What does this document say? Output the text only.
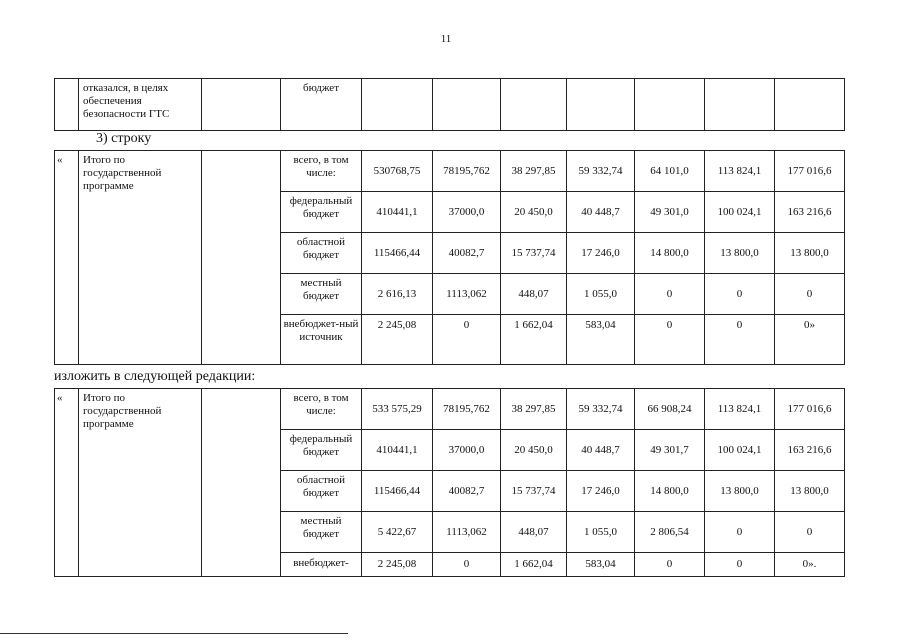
11
	отказался, в целях обеспечения безопасности ГТС		бюджет							
3) строку
«	Итого по государственной программе		всего, в том числе:	530768,75	78195,762	38 297,85	59 332,74	64 101,0	113 824,1	177 016,6
			федеральный бюджет	410441,1	37000,0	20 450,0	40 448,7	49 301,0	100 024,1	163 216,6
			областной бюджет	115466,44	40082,7	15 737,74	17 246,0	14 800,0	13 800,0	13 800,0
			местный бюджет	2 616,13	1113,062	448,07	1 055,0	0	0	0
			внебюджет-ный источник	2 245,08	0	1 662,04	583,04	0	0	0»
изложить в следующей редакции:
«	Итого по государственной программе		всего, в том числе:	533 575,29	78195,762	38 297,85	59 332,74	66 908,24	113 824,1	177 016,6
			федеральный бюджет	410441,1	37000,0	20 450,0	40 448,7	49 301,7	100 024,1	163 216,6
			областной бюджет	115466,44	40082,7	15 737,74	17 246,0	14 800,0	13 800,0	13 800,0
			местный бюджет	5 422,67	1113,062	448,07	1 055,0	2 806,54	0	0
			внебюджет-	2 245,08	0	1 662,04	583,04	0	0	0».
